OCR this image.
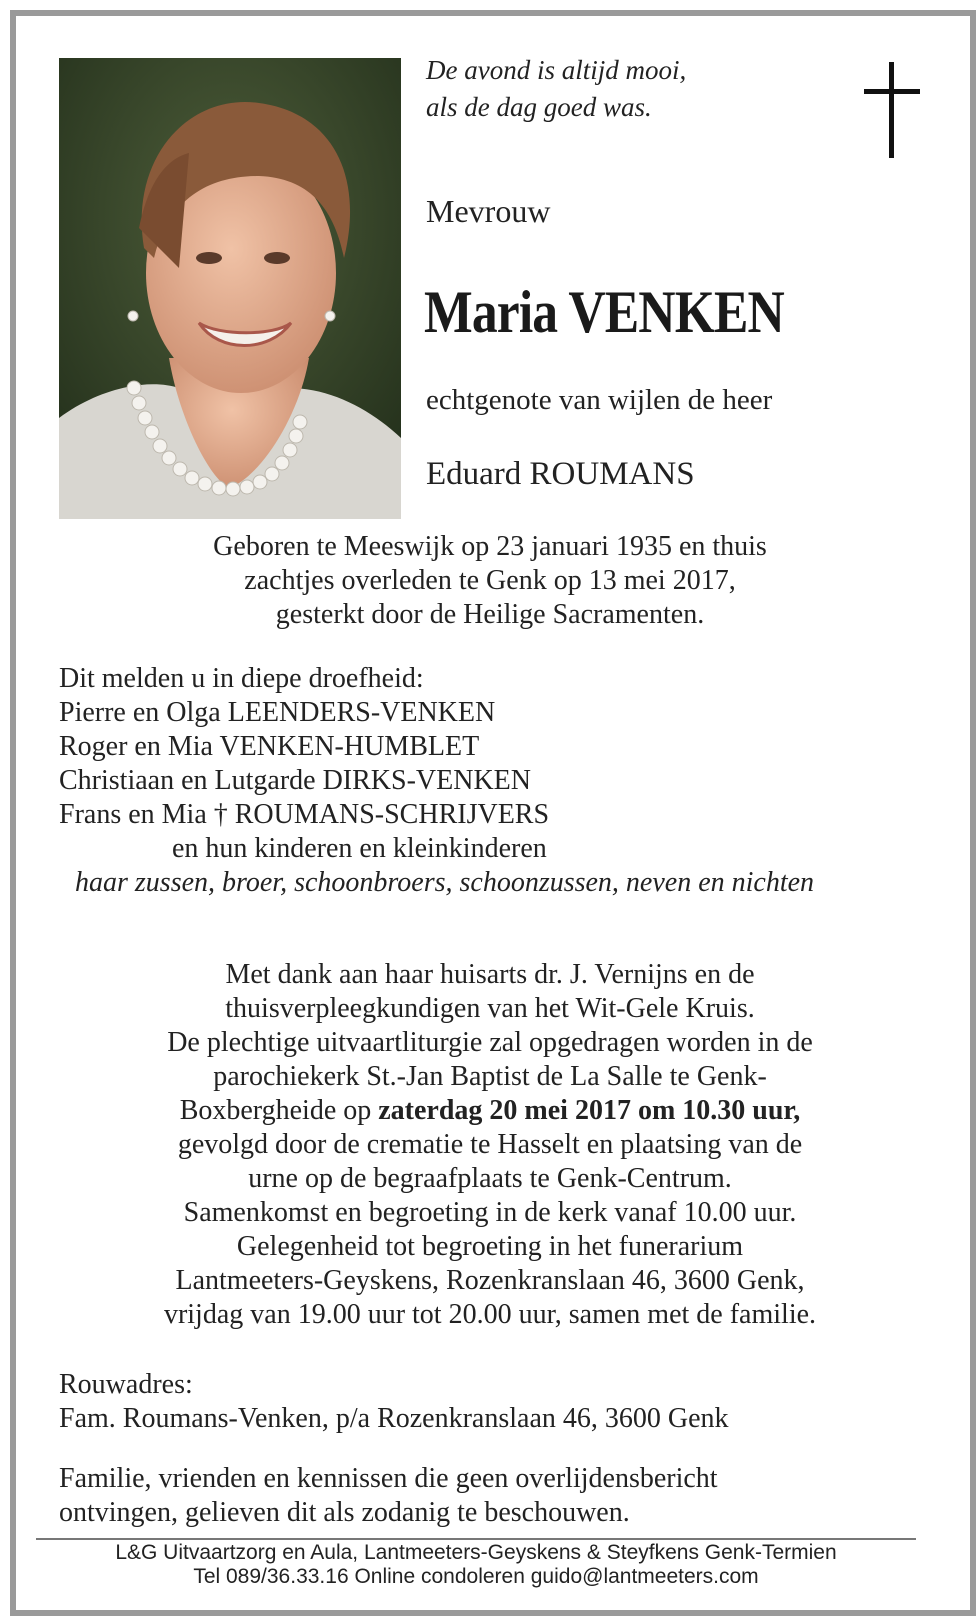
De avond is altijd mooi,
als de dag goed was.
Mevrouw
Maria VENKEN
echtgenote van wijlen de heer
Eduard ROUMANS
Geboren te Meeswijk op 23 januari 1935 en thuis
zachtjes overleden te Genk op 13 mei 2017,
gesterkt door de Heilige Sacramenten.
Dit melden u in diepe droefheid:
Pierre en Olga LEENDERS-VENKEN
Roger en Mia VENKEN-HUMBLET
Christiaan en Lutgarde DIRKS-VENKEN
Frans en Mia † ROUMANS-SCHRIJVERS
en hun kinderen en kleinkinderen
haar zussen, broer, schoonbroers, schoonzussen, neven en nichten
Met dank aan haar huisarts dr. J. Vernijns en de
thuisverpleegkundigen van het Wit-Gele Kruis.
De plechtige uitvaartliturgie zal opgedragen worden in de
parochiekerk St.-Jan Baptist de La Salle te Genk-
Boxbergheide op zaterdag 20 mei 2017 om 10.30 uur,
gevolgd door de crematie te Hasselt en plaatsing van de
urne op de begraafplaats te Genk-Centrum.
Samenkomst en begroeting in de kerk vanaf 10.00 uur.
Gelegenheid tot begroeting in het funerarium
Lantmeeters-Geyskens, Rozenkranslaan 46, 3600 Genk,
vrijdag van 19.00 uur tot 20.00 uur, samen met de familie.
Rouwadres:
Fam. Roumans-Venken, p/a Rozenkranslaan 46, 3600 Genk
Familie, vrienden en kennissen die geen overlijdensbericht
ontvingen, gelieven dit als zodanig te beschouwen.
L&G Uitvaartzorg en Aula, Lantmeeters-Geyskens & Steyfkens Genk-Termien
Tel 089/36.33.16 Online condoleren guido@lantmeeters.com
